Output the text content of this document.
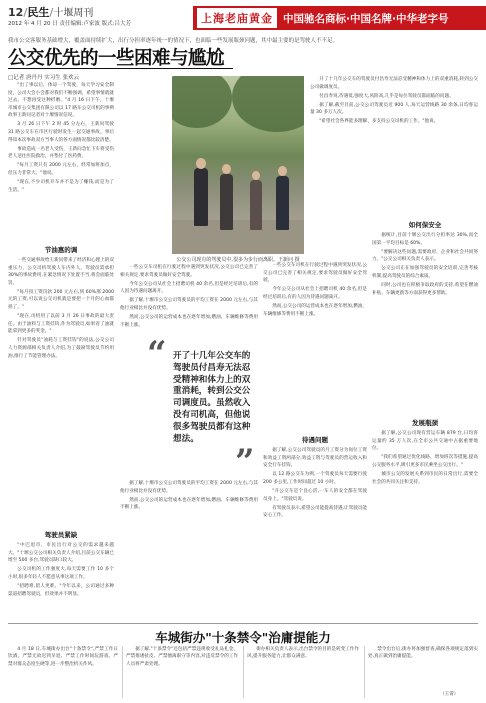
12/民生/十堰周刊
2012 年 4 月 20 日 责任编辑:卢家波 版式:吕大芳	上海老庙黄金 中国驰名商标·中国名牌·中华老字号
我市公交客服务基础增大，覆盖面持续扩大，出行分担率逐年统一的情况下，也面临一些发展瓶颈问题，其中最主要的是驾驶人不不足。
公交优先的一些困难与尴尬
□记者 唐丹丹 实习生 张欢云

"出了事以后，体谅一个驾驶，每天学习安全制度，公司大会小会都对我们不断强调，希望事情就就过去，不想再受这种折磨。"4 月 16 日下午，十堰市城市公交集团有限公司以 17 路车公交司机的事例故事王新问记者对十堰情况信说。

3 月 26 日下午 2 时 45 分左右，王新问驾驶 31 路公交车在市区行驶时发生一起交通事故。事后得知本次事故双方当事人的各方面情况都比较清楚。

事故造成一名老人受伤，王新问急忙下车将受伤老人送往医院救治，并垫付了医药费。

"每月工资只有 2000 元左右，经常加班加点，但压力非常大。"他说。

"现在,不少司机开车并不是为了赚钱,而是为了生活。"

节油惠的调

一些交通事故给王新问带来了经济和心理上的双重压力，公交司机驾驶人车内外人，驾驶员需承担 30%的事故费用,在紧急情况下处置不当,将会面临处罚。

"每月扣工资罚款 200 元左右,到 60%那 2000 元的工资,可以说公交司机就是要把一个月的心血都捐了。"

"现在,司机用了以前 3 月 26 日事故的最大责任。由于油料与工资挂钩,作为驾驶员,如果省了油就能拿到更多的奖金。"

针对驾驶员"油耗与工资挂钩"的说法,公交公司人力资源部相关负责人介绍,为了鼓励驾驶员节约用油,推行了节能管理办法。

驾驶员紧缺

"中巴退市，市民出行对公交的需求越来越大。"十堰公交公司相关负责人介绍,目前公交车辆已增至 500 多台,驾驶员缺口较大。

公交司机的工作强度大,每天需要工作 10 多个小时,很多年轻人不愿意从事这项工作。

"招聘难,留人更难。"今年以来，公司通过多种渠道招聘驾驶员，但效果并不明显。

公交公司现有的驾驶员中,很多为步行而离职。王新问 摄

一些公交车司机在行驶过程中遇到突发状况,公交公司已完善了相关规定,要求驾驶员做好安全驾驶。

今年公交公司从社会上招聘司机 40 余名,但是经过培训后,有的人因为待遇问题离开。

据了解,十堰市公交公司驾驶员的平均工资在 2000 元左右,与其他行业相比并没有优势。

然而,公交公司的运营成本也在逐年增加,燃油、车辆维修等费用不断上涨。

“ 开了十几年公交车的驾驶员付昌寿无法忍受精神和体力上的双重消耗，转到公交公司调度员。虽然收入没有司机高，但他说很多驾驶员都有这种想法。
”

据了解,十堰市公交公司驾驶员的平均工资在 2000 元左右,与其他行业相比并没有优势。

然而,公交公司的运营成本也在逐年增加,燃油、车辆维修等费用不断上涨。

待遇问题

一些公交车司机在行驶过程中遇到突发状况,公交公司已完善了相关规定,要求驾驶员做好安全驾驶。

今年公交公司从社会上招聘司机 40 余名,但是经过培训后,有的人因为待遇问题离开。

然而,公交公司的运营成本也在逐年增加,燃油、车辆维修等费用不断上涨。

据了解,公交公司驾驶员的月工资分为岗位工资和效益工资两部分,效益工资与驾驶员的营运收入和安全行车挂钩。

以 12 路公交车为例,一个驾驶员每天需要行驶 200 多公里,工作时间超过 10 小时。

"开公交车是个良心活,一车人的安全都在驾驶员身上。"驾驶员说。

有驾驶员表示,希望公司能提高待遇,让驾驶员能安心工作。

开了十几年公交车的驾驶员付昌寿无法忍受精神和体力上的双重消耗,转到公交公司做调度员。

付昌寿说,待遇低,强度大,风险高,几乎是每位驾驶员都面临的问题。

据了解,截至目前,公交公司驾驶员近 900 人,每天运营线路 30 余条,日均客运量 30 多万人次。

"希望社会各界能多理解、多支持公交司机的工作。"他说。

如何保安全

据统计,目前十堰公交出行分担率达 30%,而全国第一平均目标是 60%。

"要解决这些问题,需要政府、企业和社会共同努力。"公交公司相关负责人表示。

公交公司正在加强驾驶员的安全培训,完善考核机制,提高驾驶员的综合素质。

同时,公司也在积极争取政府的支持,希望在燃油补贴、车辆更新等方面获得更多帮助。

发展瓶颈

据了解,公交公司现有营运车辆 879 台,日均客运量约 35 万人次,在全市公共交通中占据重要地位。

"我们希望通过优化线路、增加班次等措施,提高公交服务水平,吸引更多市民乘坐公交出行。"

城市公交的发展关系到市民的日常出行,需要全社会的共同关注和支持。

车城街办"十条禁令"治庸提能力

4 月 18 日,车城街办出台"十条禁令",严禁工作日饮酒、严禁无故迟到早退、严禁工作时间玩游戏、严禁对群众态度生硬等,进一步整治机关作风。

据了解,"十条禁令"还包括严禁违规收受礼品礼金、严禁推诿扯皮、严禁擅离职守等内容,对违反禁令的工作人员将严肃处理。

街办相关负责人表示,出台禁令的目的是转变工作作风,提升服务能力,让群众满意。

禁令出台后,街办将加强督查,确保各项规定落到实处,真正做到治庸提能。

（王霄）
